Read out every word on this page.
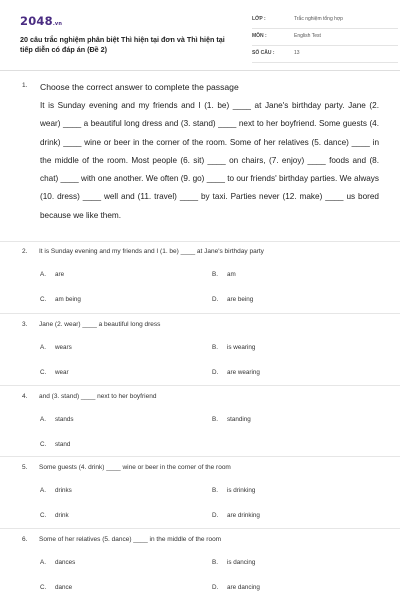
2048.vn
20 câu trắc nghiệm phân biệt Thì hiện tại đơn và Thì hiện tại tiếp diễn có đáp án (Đề 2)
LỚP :	Trắc nghiệm tổng hợp
MÔN :	English Test
SỐ CÂU :	13
1. Choose the correct answer to complete the passage
It is Sunday evening and my friends and I (1. be) ____ at Jane's birthday party. Jane (2. wear) ____ a beautiful long dress and (3. stand) ____ next to her boyfriend. Some guests (4. drink) ____ wine or beer in the corner of the room. Some of her relatives (5. dance) ____ in the middle of the room. Most people (6. sit) ____ on chairs, (7. enjoy) ____ foods and (8. chat) ____ with one another. We often (9. go) ____ to our friends' birthday parties. We always (10. dress) ____ well and (11. travel) ____ by taxi. Parties never (12. make) ____ us bored because we like them.
2. It is Sunday evening and my friends and I (1. be) ____ at Jane's birthday party
A. are	B. am
C. am being	D. are being
3. Jane (2. wear) ____ a beautiful long dress
A. wears	B. is wearing
C. wear	D. are wearing
4. and (3. stand) ____ next to her boyfriend
A. stands	B. standing
C. stand
5. Some guests (4. drink) ____ wine or beer in the corner of the room
A. drinks	B. is drinking
C. drink	D. are drinking
6. Some of her relatives (5. dance) ____ in the middle of the room
A. dances	B. is dancing
C. dance	D. are dancing
